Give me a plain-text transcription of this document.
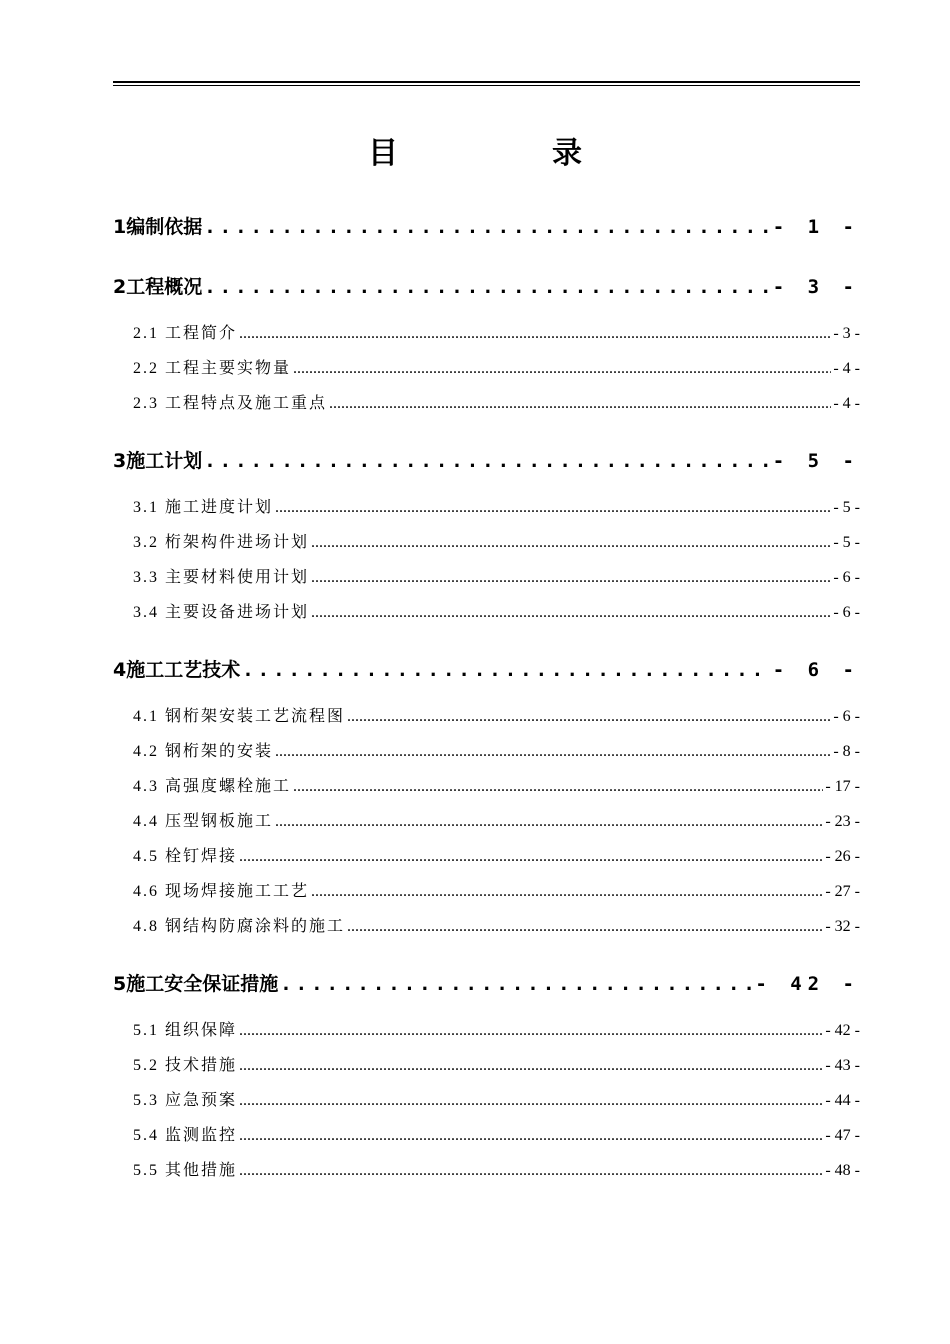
目　录
1编制依据 .....	- 1 -
2工程概况 .....	- 3 -
2.1 工程简介 .....	- 3 -
2.2 工程主要实物量 .....	- 4 -
2.3 工程特点及施工重点 .....	- 4 -
3施工计划 .....	- 5 -
3.1 施工进度计划 .....	- 5 -
3.2 桁架构件进场计划 .....	- 5 -
3.3 主要材料使用计划 .....	- 6 -
3.4 主要设备进场计划 .....	- 6 -
4施工工艺技术 .....	- 6 -
4.1 钢桁架安装工艺流程图 .....	- 6 -
4.2 钢桁架的安装 .....	- 8 -
4.3 高强度螺栓施工 .....	- 17 -
4.4 压型钢板施工 .....	- 23 -
4.5 栓钉焊接 .....	- 26 -
4.6 现场焊接施工工艺 .....	- 27 -
4.8 钢结构防腐涂料的施工 .....	- 32 -
5施工安全保证措施 .....	- 42 -
5.1 组织保障 .....	- 42 -
5.2 技术措施 .....	- 43 -
5.3 应急预案 .....	- 44 -
5.4 监测监控 .....	- 47 -
5.5 其他措施 .....	- 48 -
